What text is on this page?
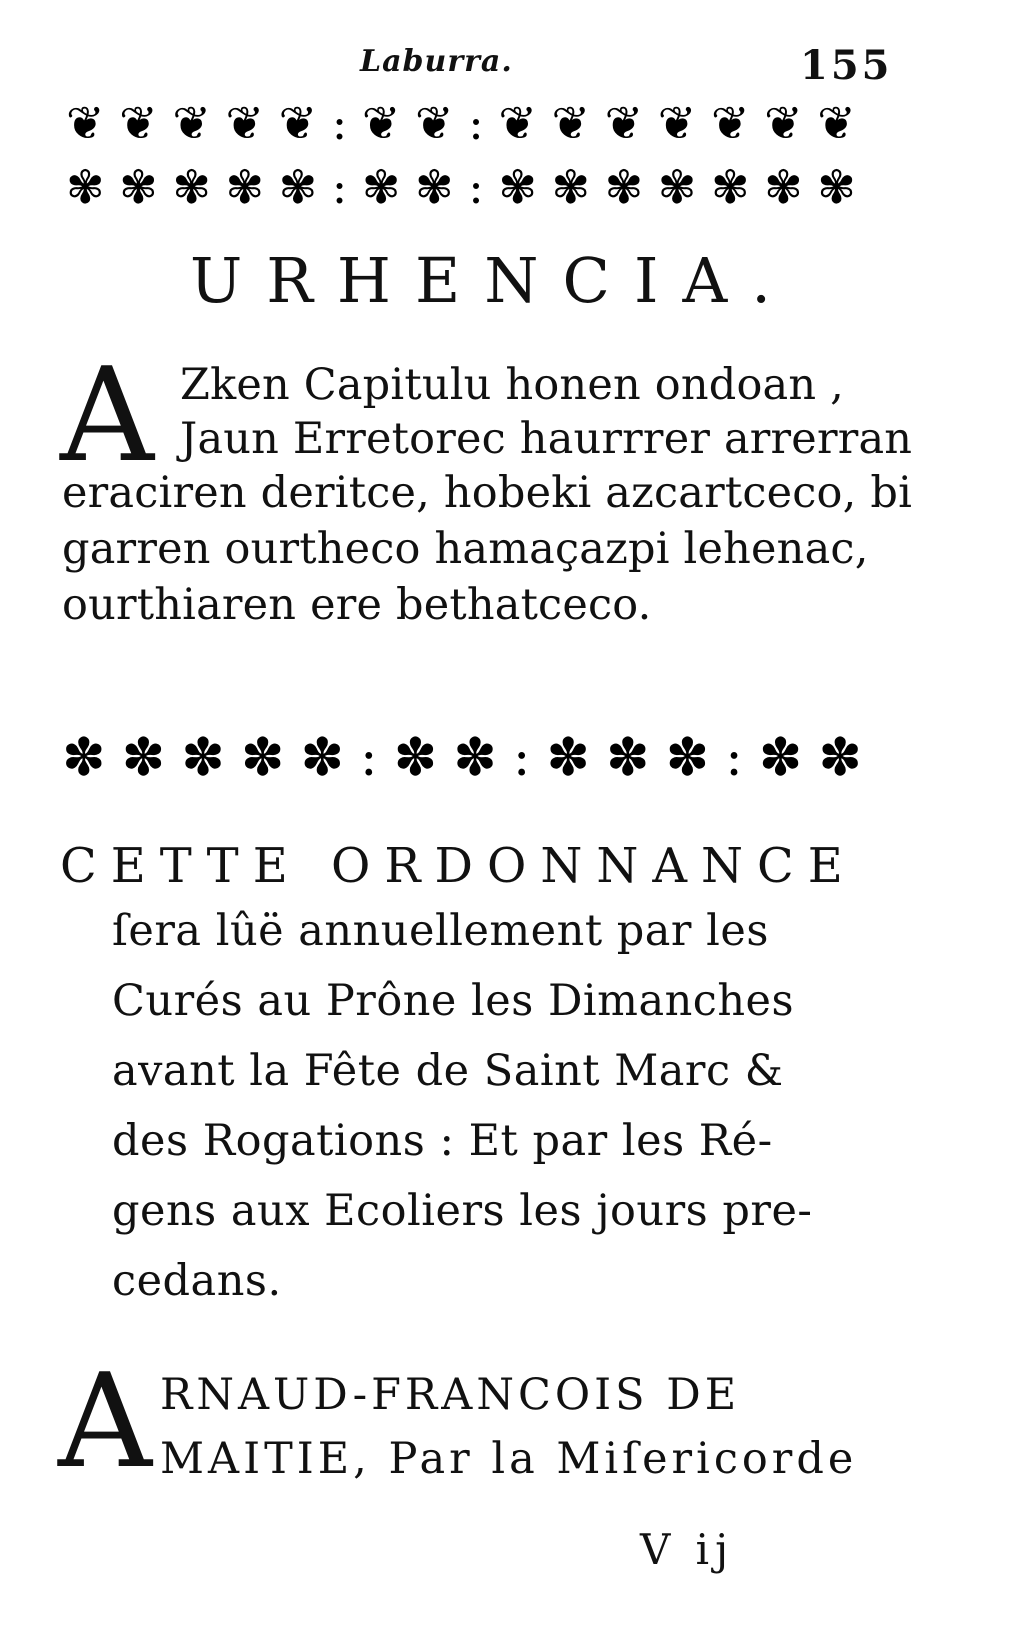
Laburra.	155
❦ ❦ ❦ ❦ ❦ : ❦ ❦ : ❦ ❦ ❦ ❦ ❦ ❦ ❦
✾ ✾ ✾ ✾ ✾ : ✾ ✾ : ✾ ✾ ✾ ✾ ✾ ✾ ✾
URHENCIA.
A Zken Capitulu honen ondoan ,
Jaun Erretorec haurrrer arrerran
eraciren deritce, hobeki azcartceco, bi
garren ourtheco hamaçazpi lehenac,
ourthiaren ere bethatceco.
✽ ✽ ✽ ✽ ✽ : ✽ ✽ : ✽ ✽ ✽ : ✽ ✽
CETTE ORDONNANCE
ſera lûë annuellement par les
Curés au Prône les Dimanches
avant la Fête de Saint Marc &
des Rogations : Et par les Ré-
gens aux Ecoliers les jours pre-
cedans.
A RNAUD-FRANCOIS DE
MAITIE, Par la Miſericorde
V ij
